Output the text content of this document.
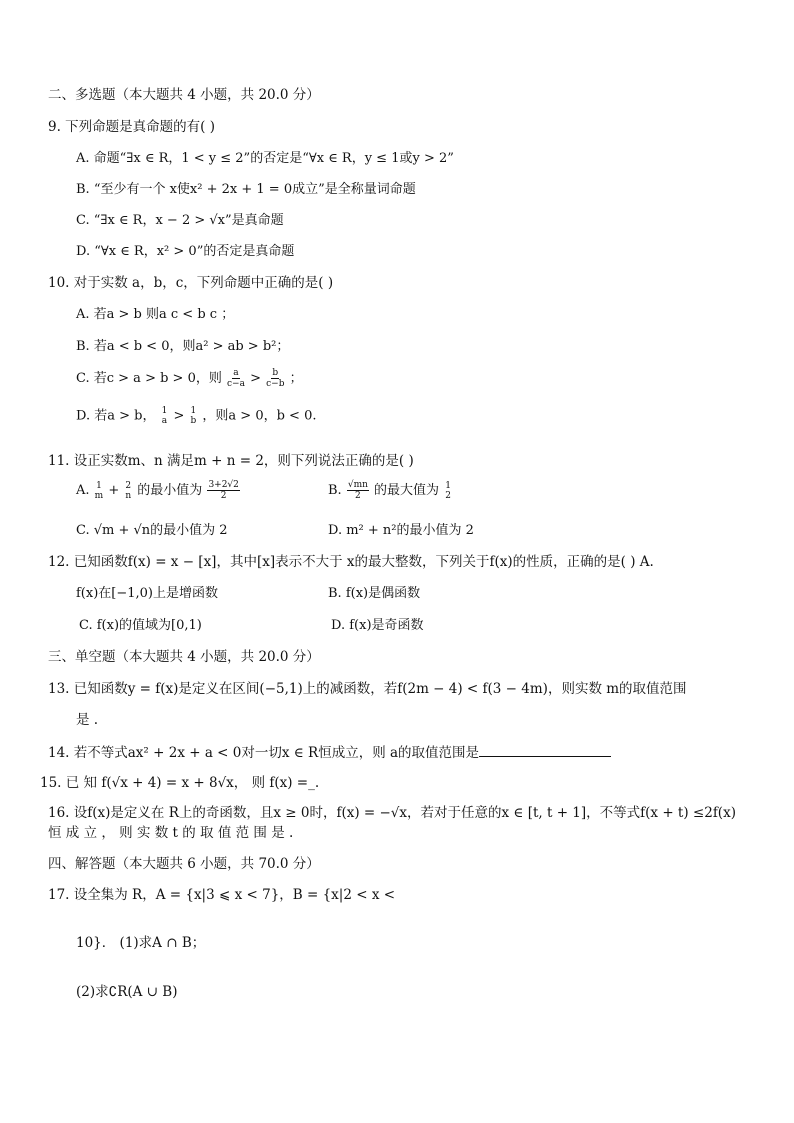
二、多选题（本大题共 4 小题，共 20.0 分）
9. 下列命题是真命题的有( )
A. 命题“∃x ∈ R，1 < y ≤ 2”的否定是“∀x ∈ R，y ≤ 1或y > 2”
B. “至少有一个 x使x² + 2x + 1 = 0成立”是全称量词命题
C. “∃x ∈ R，x − 2 > √x”是真命题
D. “∀x ∈ R，x² > 0”的否定是真命题
10. 对于实数 a，b，c，下列命题中正确的是( )
A. 若a > b 则a c < b c ；
B. 若a < b < 0，则a² > ab > b²；
C. 若c > a > b > 0，则 $\frac{a}{c-a} > \frac{b}{c-b}$ ；
D. 若a > b， 1
a > 1
b ，则a > 0，b < 0.
11. 设正实数m、n 满足m + n = 2，则下列说法正确的是( )
A. 1
m + 2
n 的最小值为 $\frac{3+2√2}{2}$	B. $\frac{√mn}{2}$ 的最大值为 1
2
C. √m + √n的最小值为 2	D. m² + n²的最小值为 2
12. 已知函数f(x) = x − [x]，其中[x]表示不大于 x的最大整数，下列关于f(x)的性质，正确的是( ) A.
f(x)在[−1,0)上是增函数	B. f(x)是偶函数
C. f(x)的值域为[0,1)	D. f(x)是奇函数
三、单空题（本大题共 4 小题，共 20.0 分）
13. 已知函数y = f(x)是定义在区间(−5,1)上的减函数，若f(2m − 4) < f(3 − 4m)，则实数 m的取值范围
是 .
14. 若不等式ax² + 2x + a < 0对一切x ∈ R恒成立，则 a的取值范围是
15. 已 知 f(√x + 4) = x + 8√x， 则 f(x) =_.
16. 设f(x)是定义在 R上的奇函数，且x ≥ 0时，f(x) = −√x，若对于任意的x ∈ [t, t + 1]，不等式f(x + t) ≤2f(x)
恒 成 立 ， 则 实 数 t 的 取 值 范 围 是 .
四、解答题（本大题共 6 小题，共 70.0 分）
17. 设全集为 R，A = {x|3 ⩽ x < 7}，B = {x|2 < x <
10}． (1)求A ∩ B；
(2)求∁R(A ∪ B)
